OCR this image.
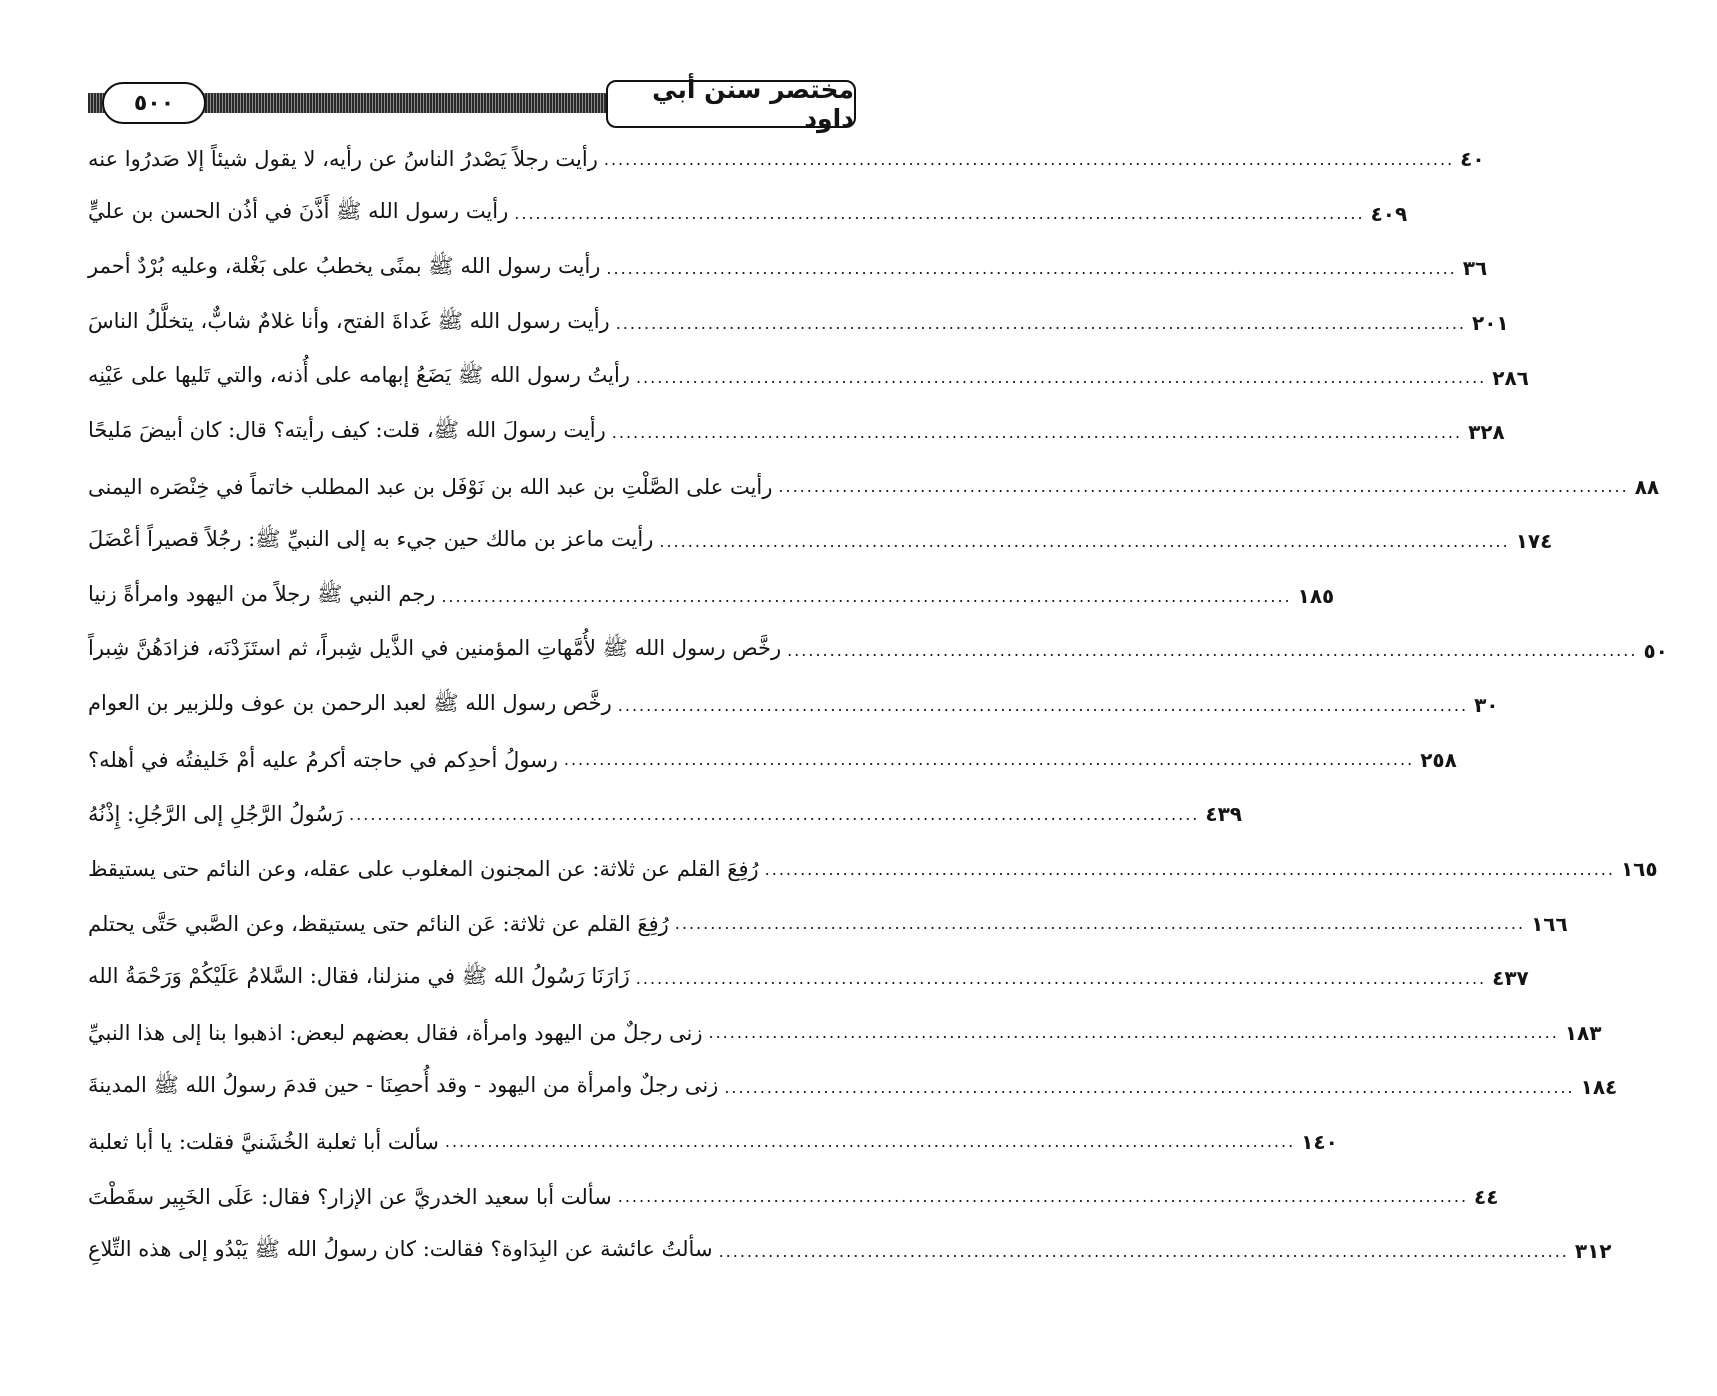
مختصر سنن أبي داود
٥٠٠
رأيت رجلاً يَصْدرُ الناسُ عن رأيه، لا يقول شيئاً إلا صَدرُوا عنه ........................................................................................................................ ٤٠
رأيت رسول الله ﷺ أَذَّنَ في أذُن الحسن بن عليٍّ ........................................................................................................................ ٤٠٩
رأيت رسول الله ﷺ بمنًى يخطبُ على بَغْلة، وعليه بُرْدٌ أحمر ........................................................................................................................ ٣٦
رأيت رسول الله ﷺ غَداةَ الفتح، وأنا غلامٌ شابٌّ، يتخلَّلُ الناسَ ........................................................................................................................ ٢٠١
رأيتُ رسول الله ﷺ يَضَعُ إبهامه على أُذنه، والتي تَليها على عَيْنِه ........................................................................................................................ ٢٨٦
رأيت رسولَ الله ﷺ، قلت: كيف رأيته؟ قال: كان أبيضَ مَليحًا ........................................................................................................................ ٣٢٨
رأيت على الصَّلْتِ بن عبد الله بن نَوْفَل بن عبد المطلب خاتماً في خِنْصَره اليمنى ........................................................................................................................ ٨٨
رأيت ماعز بن مالك حين جيء به إلى النبيِّ ﷺ: رجُلاً قصيراً أعْضَلَ ........................................................................................................................ ١٧٤
رجم النبي ﷺ رجلاً من اليهود وامرأةً زنيا ........................................................................................................................ ١٨٥
رخَّص رسول الله ﷺ لأُمَّهاتِ المؤمنين في الذَّيل شِبراً، ثم استَزَدْنَه، فزادَهُنَّ شِبراً ........................................................................................................................ ٥٠
رخَّص رسول الله ﷺ لعبد الرحمن بن عوف وللزبير بن العوام ........................................................................................................................ ٣٠
رسولُ أحدِكم في حاجته أكرمُ عليه أمْ خَليفتُه في أهله؟ ........................................................................................................................ ٢٥٨
رَسُولُ الرَّجُلِ إلى الرَّجُلِ: إِذْنُهُ ........................................................................................................................ ٤٣٩
رُفِعَ القلم عن ثلاثة: عن المجنون المغلوب على عقله، وعن النائم حتى يستيقظ ........................................................................................................................ ١٦٥
رُفِعَ القلم عن ثلاثة: عَن النائم حتى يستيقظ، وعن الصَّبي حَتَّى يحتلم ........................................................................................................................ ١٦٦
زَارَنَا رَسُولُ الله ﷺ في منزلنا، فقال: السَّلامُ عَلَيْكُمْ وَرَحْمَةُ الله ........................................................................................................................ ٤٣٧
زنى رجلٌ من اليهود وامرأة، فقال بعضهم لبعض: اذهبوا بنا إلى هذا النبيِّ ........................................................................................................................ ١٨٣
زنى رجلٌ وامرأة من اليهود - وقد أُحصِنَا - حين قدمَ رسولُ الله ﷺ المدينةَ ........................................................................................................................ ١٨٤
سألت أبا ثعلبة الخُشَنيَّ فقلت: يا أبا ثعلبة ........................................................................................................................ ١٤٠
سألت أبا سعيد الخدريَّ عن الإزار؟ فقال: عَلَى الخَبِير سقَطْتَ ........................................................................................................................ ٤٤
سألتُ عائشة عن البِدَاوة؟ فقالت: كان رسولُ الله ﷺ يَبْدُو إلى هذه التِّلاعِ ........................................................................................................................ ٣١٢
